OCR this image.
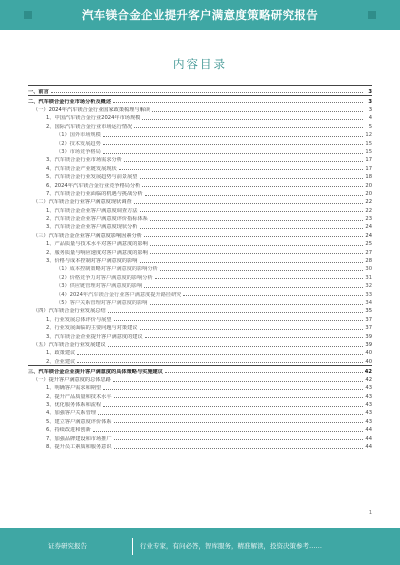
汽车镁合金企业提升客户满意度策略研究报告
内容目录
一、前言	3
二、汽车镁合金行业市场分析及概述	3
（一）2024年汽车镁合金行业国家政策梳理与解读	3
1、中国汽车镁合金行业2024年市场规模	4
2、国际汽车镁合金行业市场运行情况	5
（1）国外市场规模	12
（2）技术发展趋势	15
（3）市场竞争格局	15
3、汽车镁合金行业市场需求分析	17
4、汽车镁合金产业链发展现状	17
5、汽车镁合金行业发展趋势与前景展望	18
6、2024年汽车镁合金行业竞争格局分析	20
7、汽车镁合金行业面临的机遇与挑战分析	20
（二）汽车镁合金行业客户满意度现状调查	22
1、汽车镁合金企业客户满意度调查方法	22
2、汽车镁合金企业客户满意度评价指标体系	23
3、汽车镁合金企业客户满意度现状分析	24
（三）汽车镁合金企业客户满意度影响因素分析	24
1、产品质量与技术水平对客户满意度的影响	25
2、服务质量与响应速度对客户满意度的影响	27
3、价格与成本控制对客户满意度的影响	28
（1）成本控制策略对客户满意度的影响分析	30
（2）价格竞争力对客户满意度的影响分析	31
（3）供应链管理对客户满意度的影响	32
（4）2024年汽车镁合金行业客户满意度提升路径研究	33
（5）客户关系管理对客户满意度的影响	34
（四）汽车镁合金行业发展总结	35
1、行业发展总体评价与展望	37
2、行业发展面临的主要问题与对策建议	37
3、汽车镁合金企业提升客户满意度的建议	39
（五）汽车镁合金行业发展建议	39
1、政策建议	40
2、企业建议	40
三、汽车镁合金企业提升客户满意度的具体策略与实施建议	42
（一）提升客户满意度的总体思路	42
1、明确客户需求和期望	43
2、提升产品质量和技术水平	43
3、优化服务体系和流程	43
4、加强客户关系管理	43
5、建立客户满意度评价体系	43
6、持续改进和创新	44
7、加强品牌建设和市场推广	44
8、提升员工素质和服务意识	44
1
证券研究报告	行业专家，有问必答，智库服务，精准解读，投资决策参考……
